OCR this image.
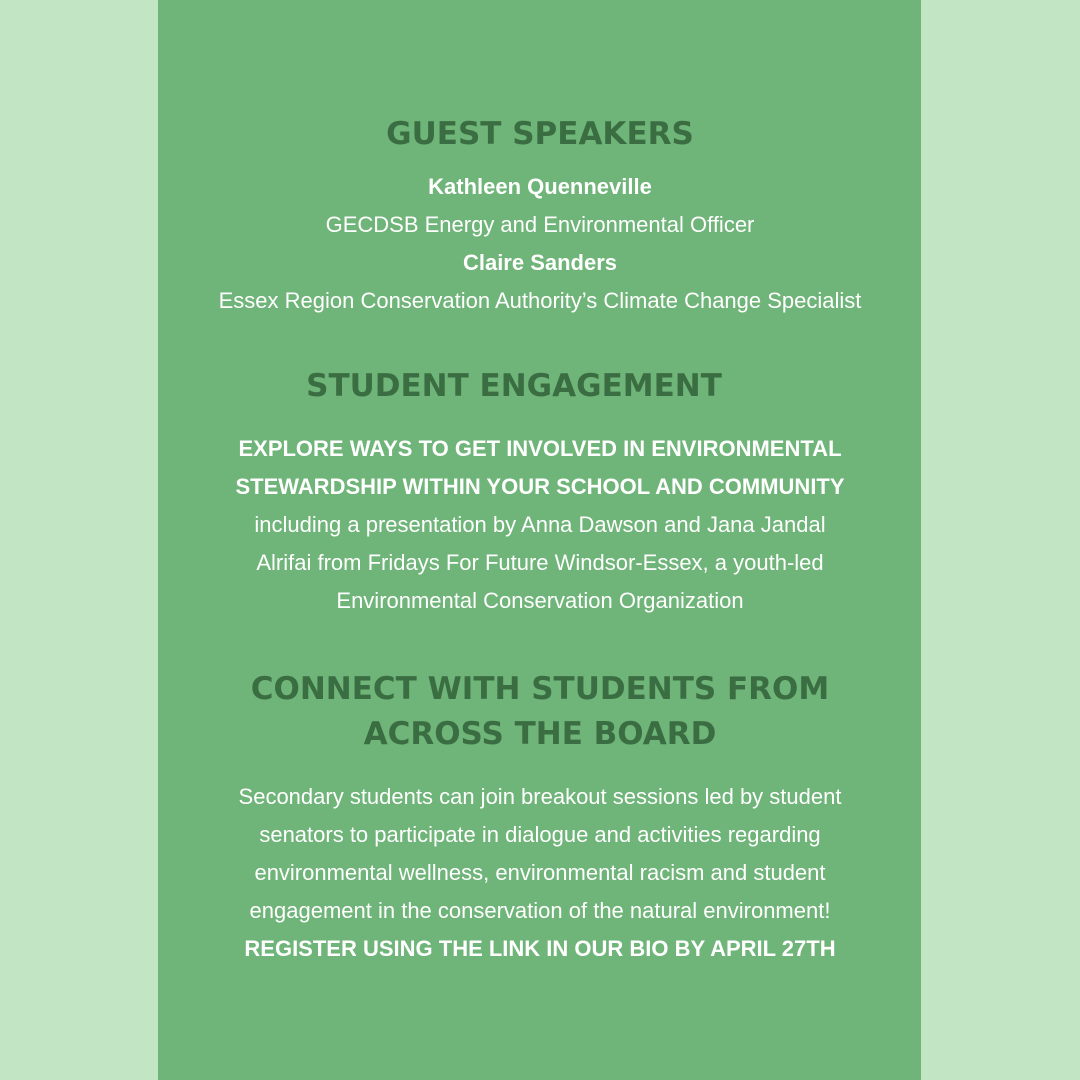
GUEST SPEAKERS
Kathleen Quenneville
GECDSB Energy and Environmental Officer
Claire Sanders
Essex Region Conservation Authority’s Climate Change Specialist
STUDENT ENGAGEMENT
EXPLORE WAYS TO GET INVOLVED IN ENVIRONMENTAL
STEWARDSHIP WITHIN YOUR SCHOOL AND COMMUNITY
including a presentation by Anna Dawson and Jana Jandal
Alrifai from Fridays For Future Windsor-Essex, a youth-led
Environmental Conservation Organization
CONNECT WITH STUDENTS FROM
ACROSS THE BOARD
Secondary students can join breakout sessions led by student
senators to participate in dialogue and activities regarding
environmental wellness, environmental racism and student
engagement in the conservation of the natural environment!
REGISTER USING THE LINK IN OUR BIO BY APRIL 27TH
